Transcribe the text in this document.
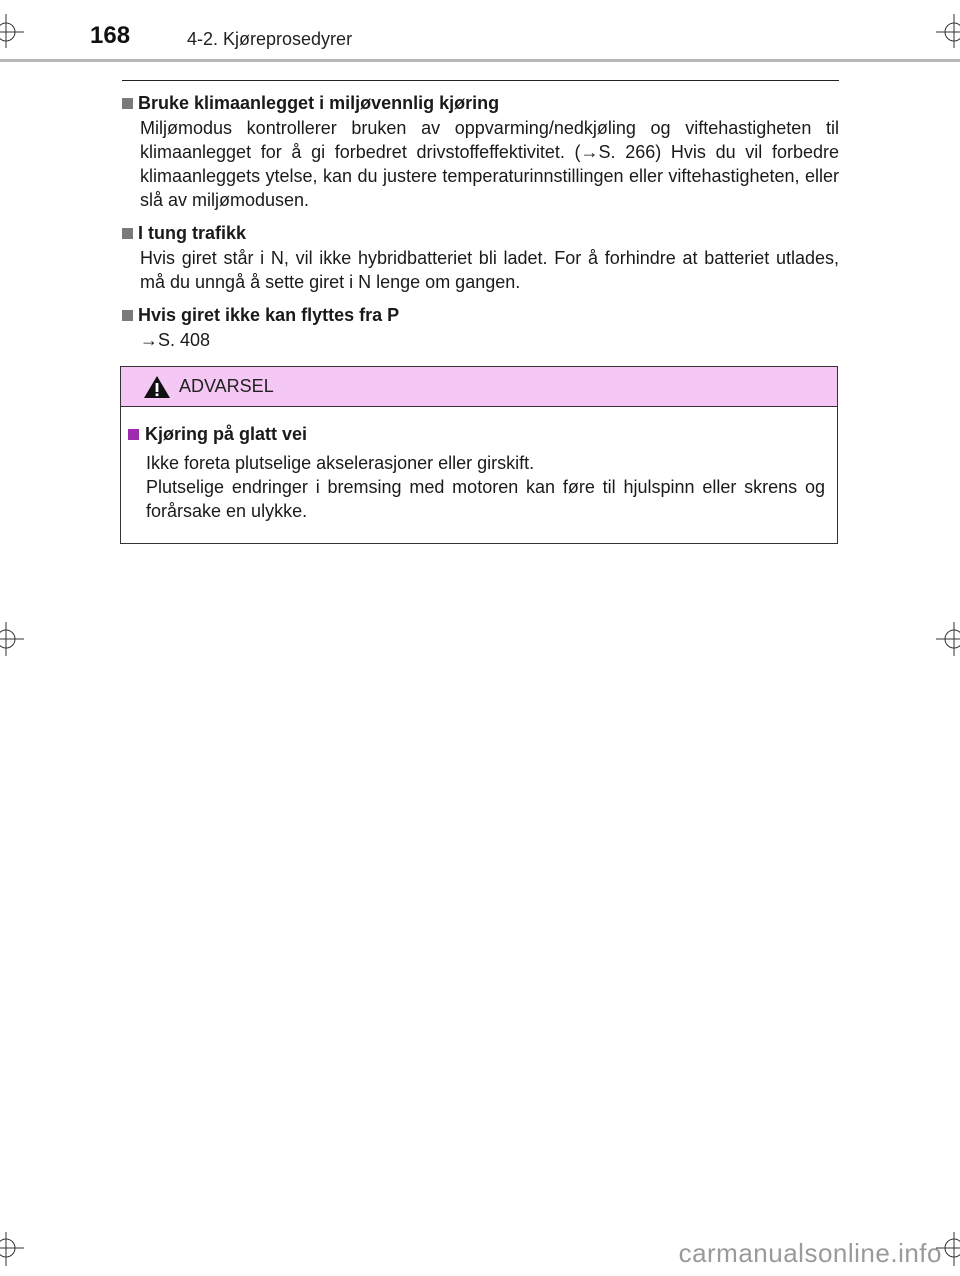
168	4-2. Kjøreprosedyrer
Bruke klimaanlegget i miljøvennlig kjøring
Miljømodus kontrollerer bruken av oppvarming/nedkjøling og viftehastigheten til klimaanlegget for å gi forbedret drivstoffeffektivitet. (→S. 266) Hvis du vil forbedre klimaanleggets ytelse, kan du justere temperaturinnstillingen eller viftehastigheten, eller slå av miljømodusen.
I tung trafikk
Hvis giret står i N, vil ikke hybridbatteriet bli ladet. For å forhindre at batteriet utlades, må du unngå å sette giret i N lenge om gangen.
Hvis giret ikke kan flyttes fra P
→S. 408
ADVARSEL
Kjøring på glatt vei
Ikke foreta plutselige akselerasjoner eller girskift.
Plutselige endringer i bremsing med motoren kan føre til hjulspinn eller skrens og forårsake en ulykke.
carmanualsonline.info
